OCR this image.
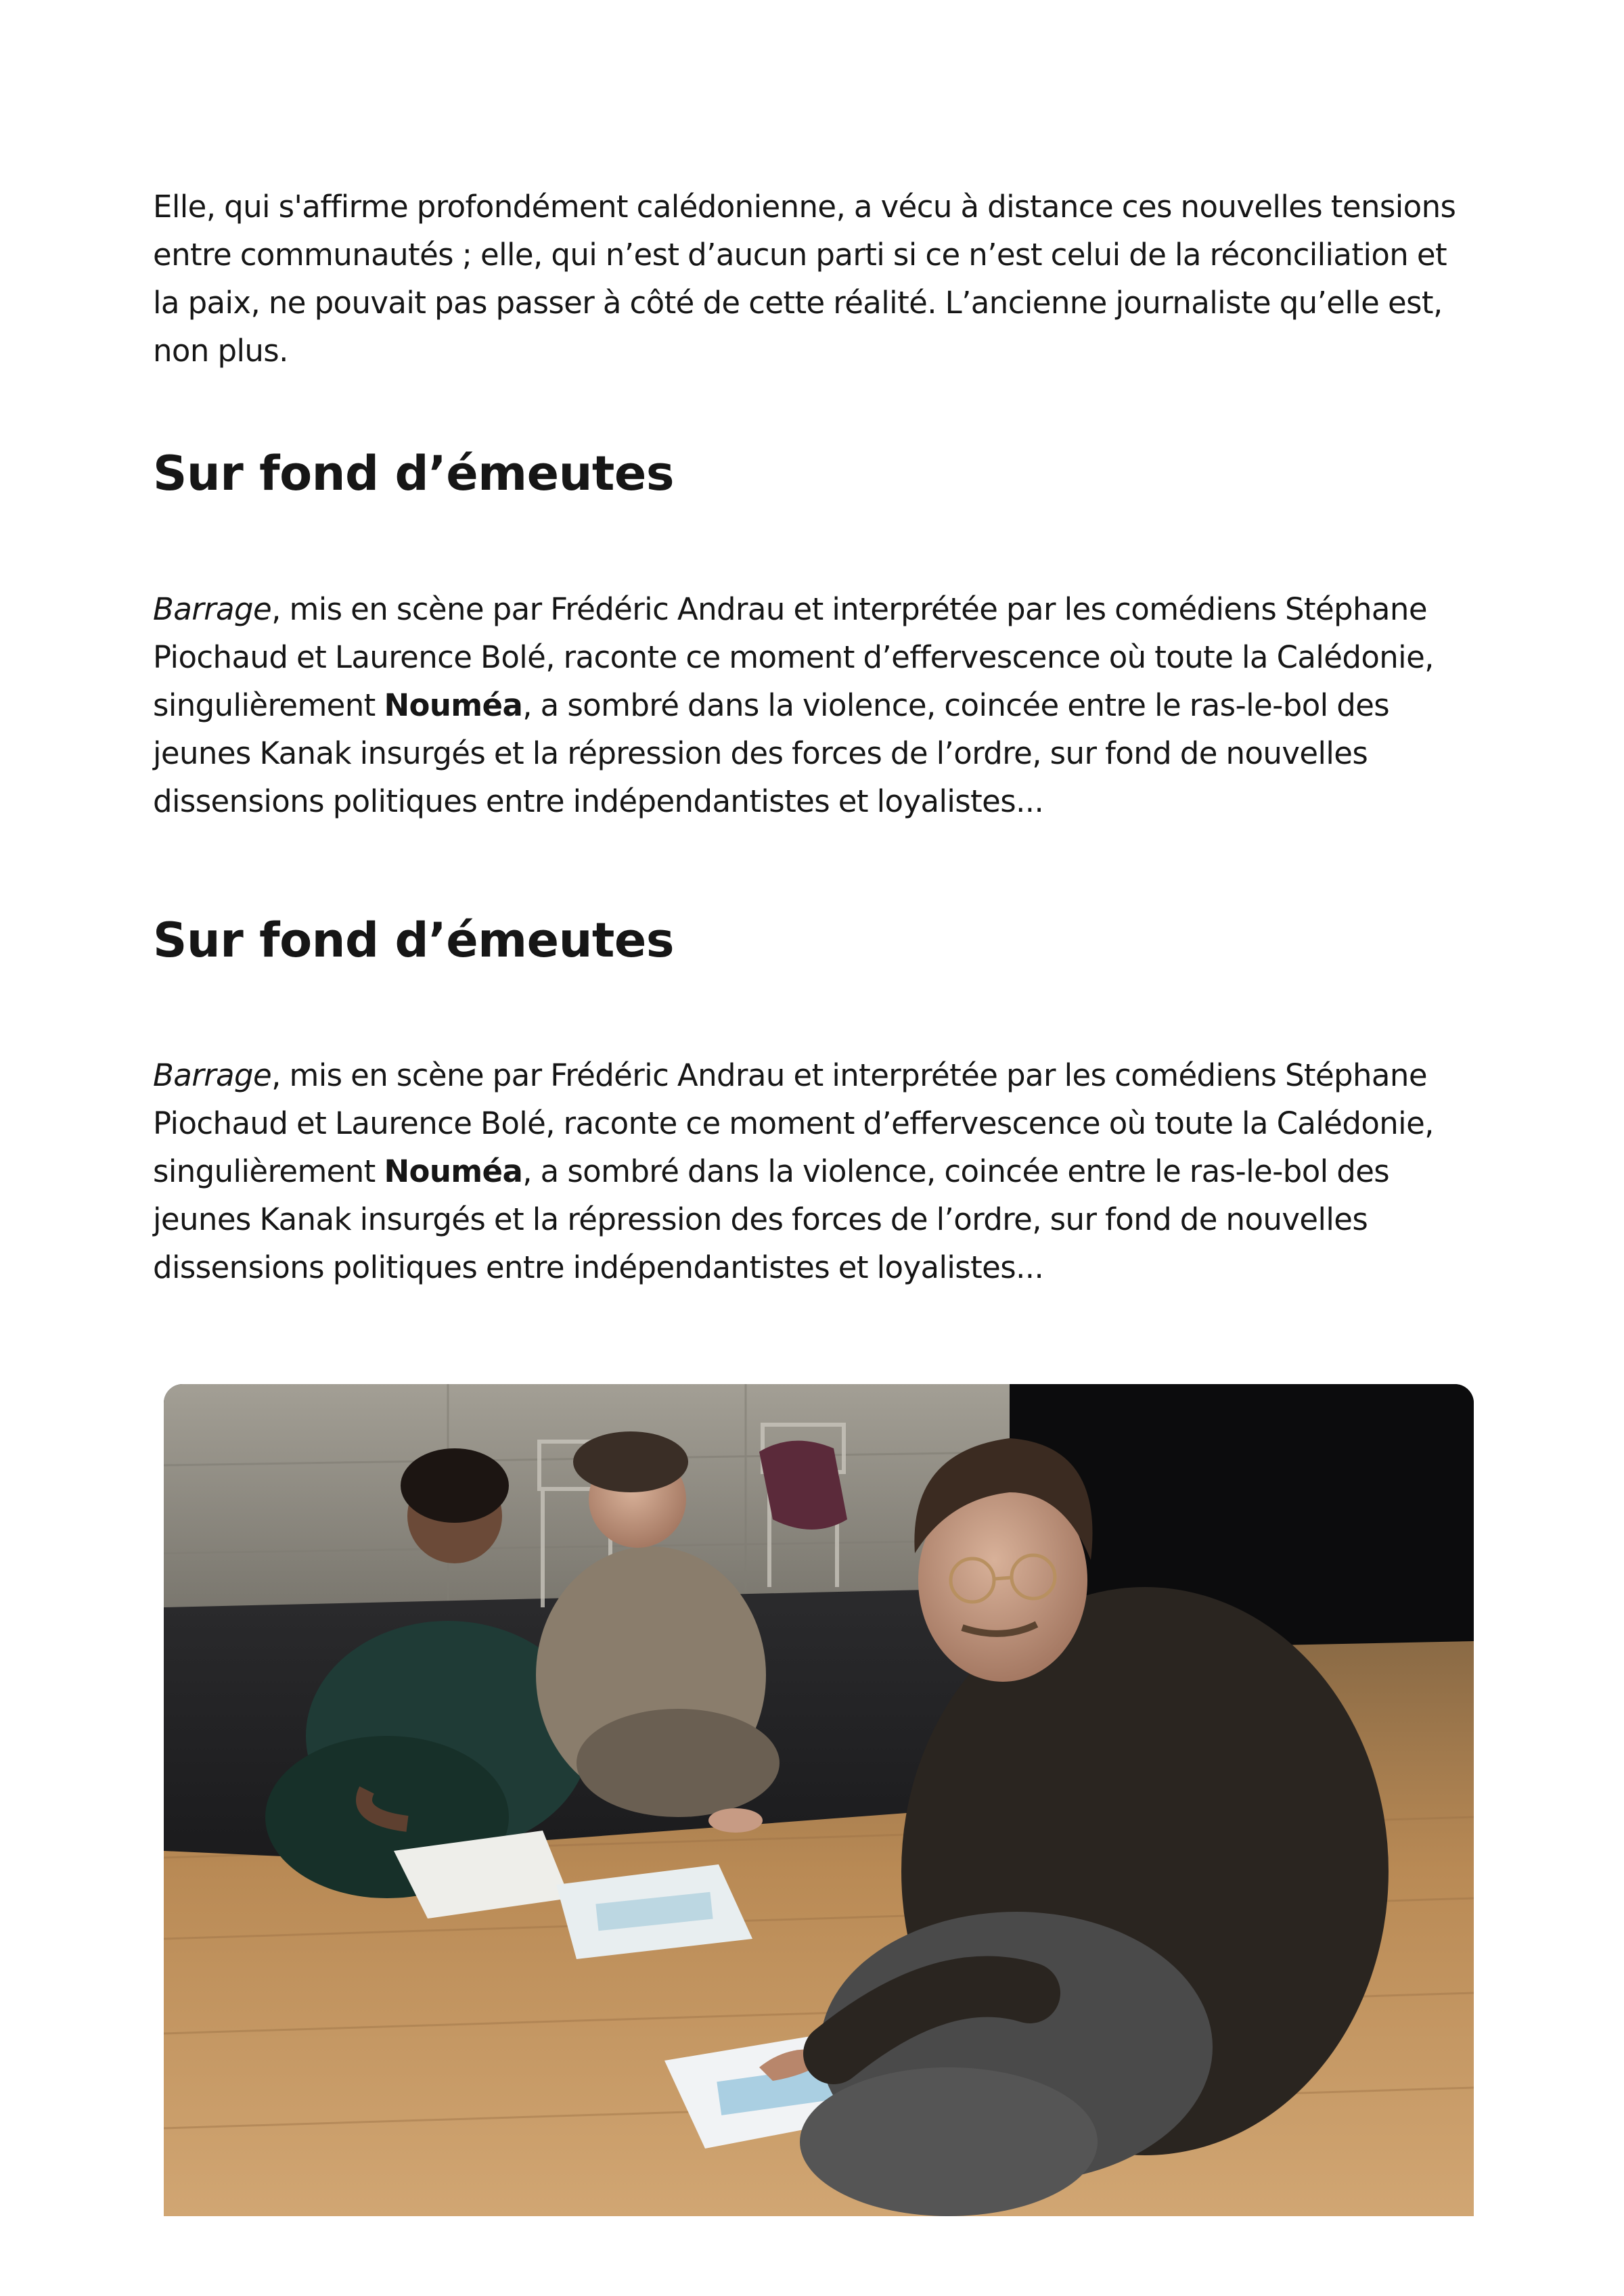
Elle, qui s'affirme profondément calédonienne, a vécu à distance ces nouvelles tensions entre communautés ; elle, qui n’est d’aucun parti si ce n’est celui de la réconciliation et la paix, ne pouvait pas passer à côté de cette réalité. L’ancienne journaliste qu’elle est, non plus.

Sur fond d’émeutes

Barrage, mis en scène par Frédéric Andrau et interprétée par les comédiens Stéphane Piochaud et Laurence Bolé, raconte ce moment d’effervescence où toute la Calédonie, singulièrement Nouméa, a sombré dans la violence, coincée entre le ras-le-bol des jeunes Kanak insurgés et la répression des forces de l’ordre, sur fond de nouvelles dissensions politiques entre indépendantistes et loyalistes...

Sur fond d’émeutes

Barrage, mis en scène par Frédéric Andrau et interprétée par les comédiens Stéphane Piochaud et Laurence Bolé, raconte ce moment d’effervescence où toute la Calédonie, singulièrement Nouméa, a sombré dans la violence, coincée entre le ras-le-bol des jeunes Kanak insurgés et la répression des forces de l’ordre, sur fond de nouvelles dissensions politiques entre indépendantistes et loyalistes...
